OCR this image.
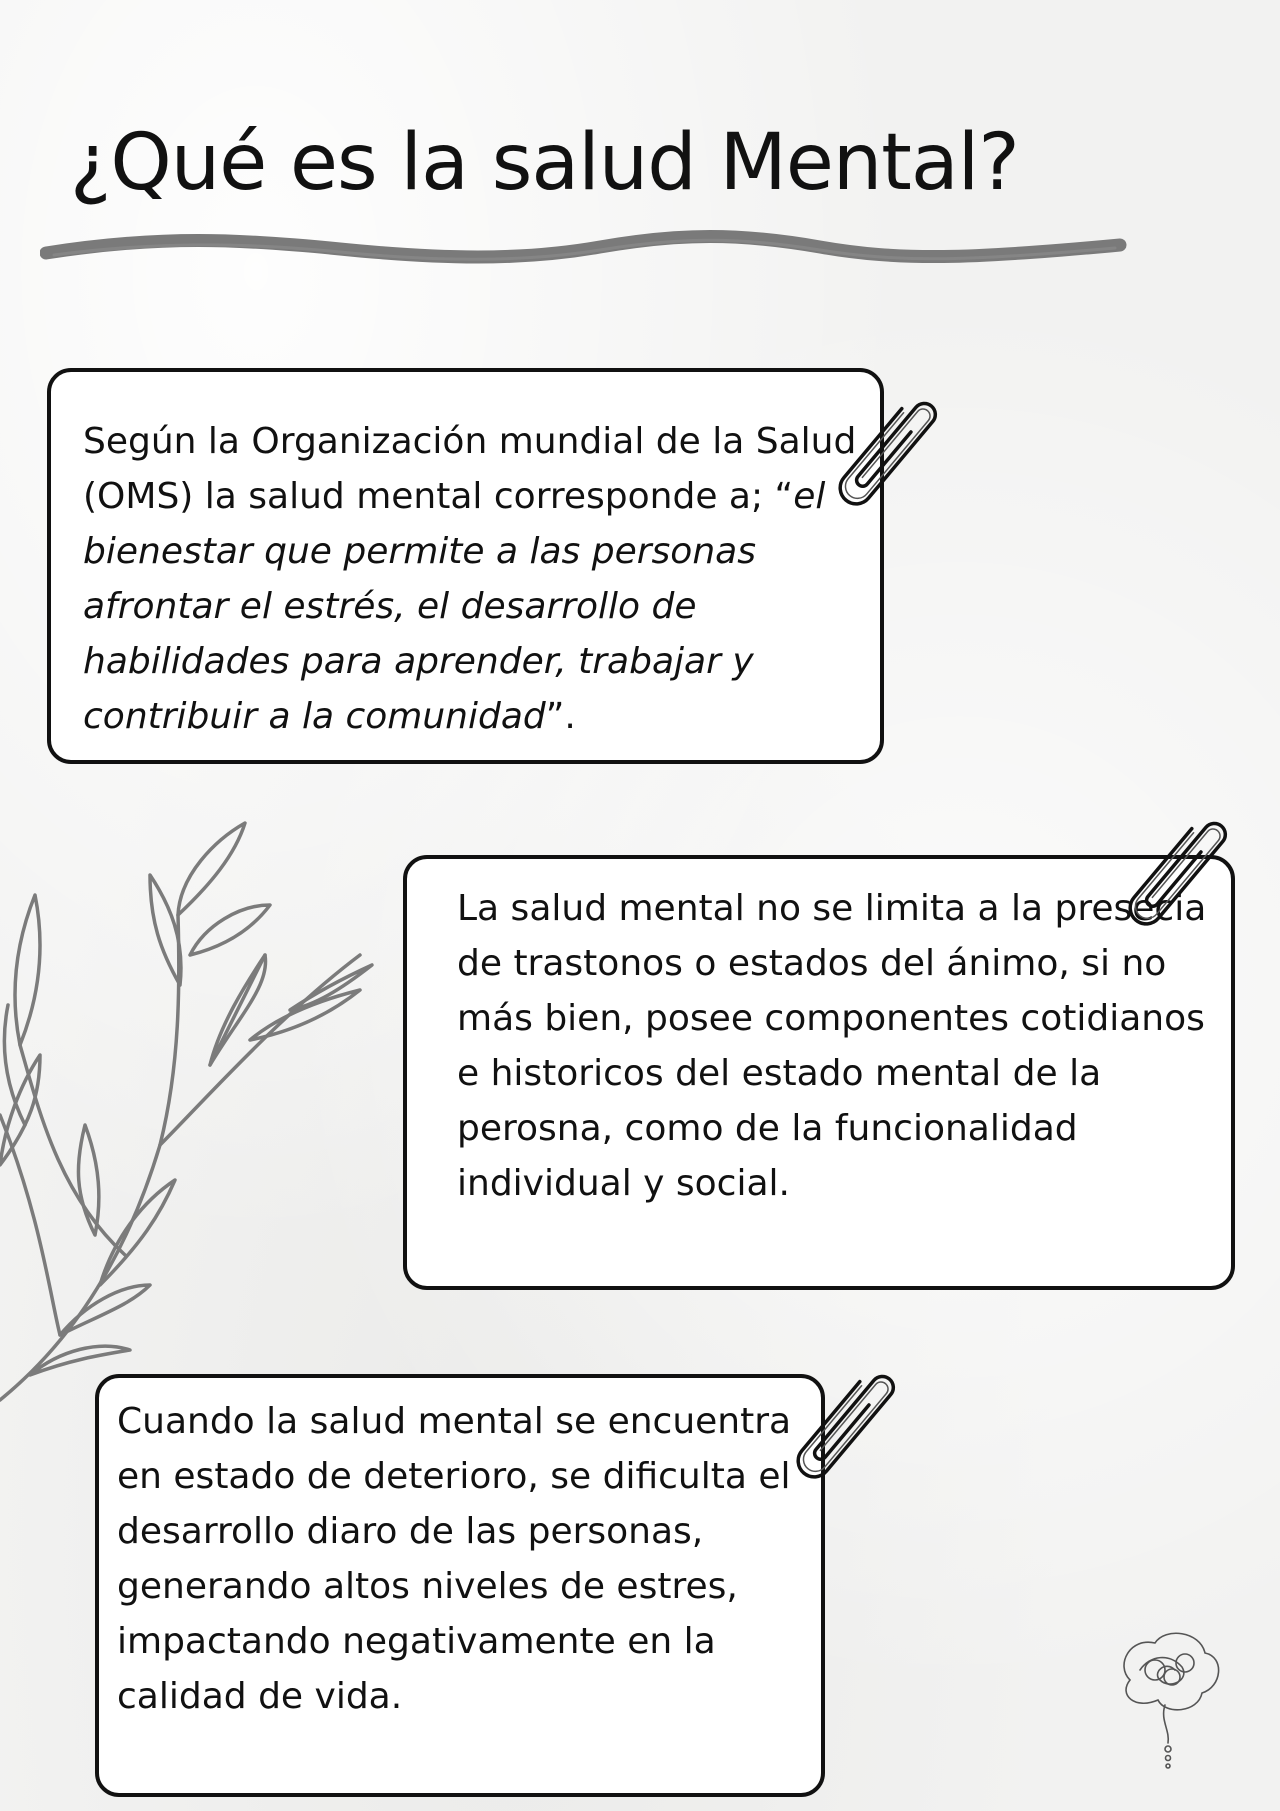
¿Qué es la salud Mental?

Según la Organización mundial de la Salud (OMS) la salud mental corresponde a; “el bienestar que permite a las personas afrontar el estrés, el desarrollo de habilidades para aprender, trabajar y contribuir a la comunidad”.

La salud mental no se limita a la presecia de trastonos o estados del ánimo, si no más bien, posee componentes cotidianos e historicos del estado mental de la perosna, como de la funcionalidad individual y social.

Cuando la salud mental se encuentra en estado de deterioro, se dificulta el desarrollo diaro de las personas, generando altos niveles de estres, impactando negativamente en la calidad de vida.
